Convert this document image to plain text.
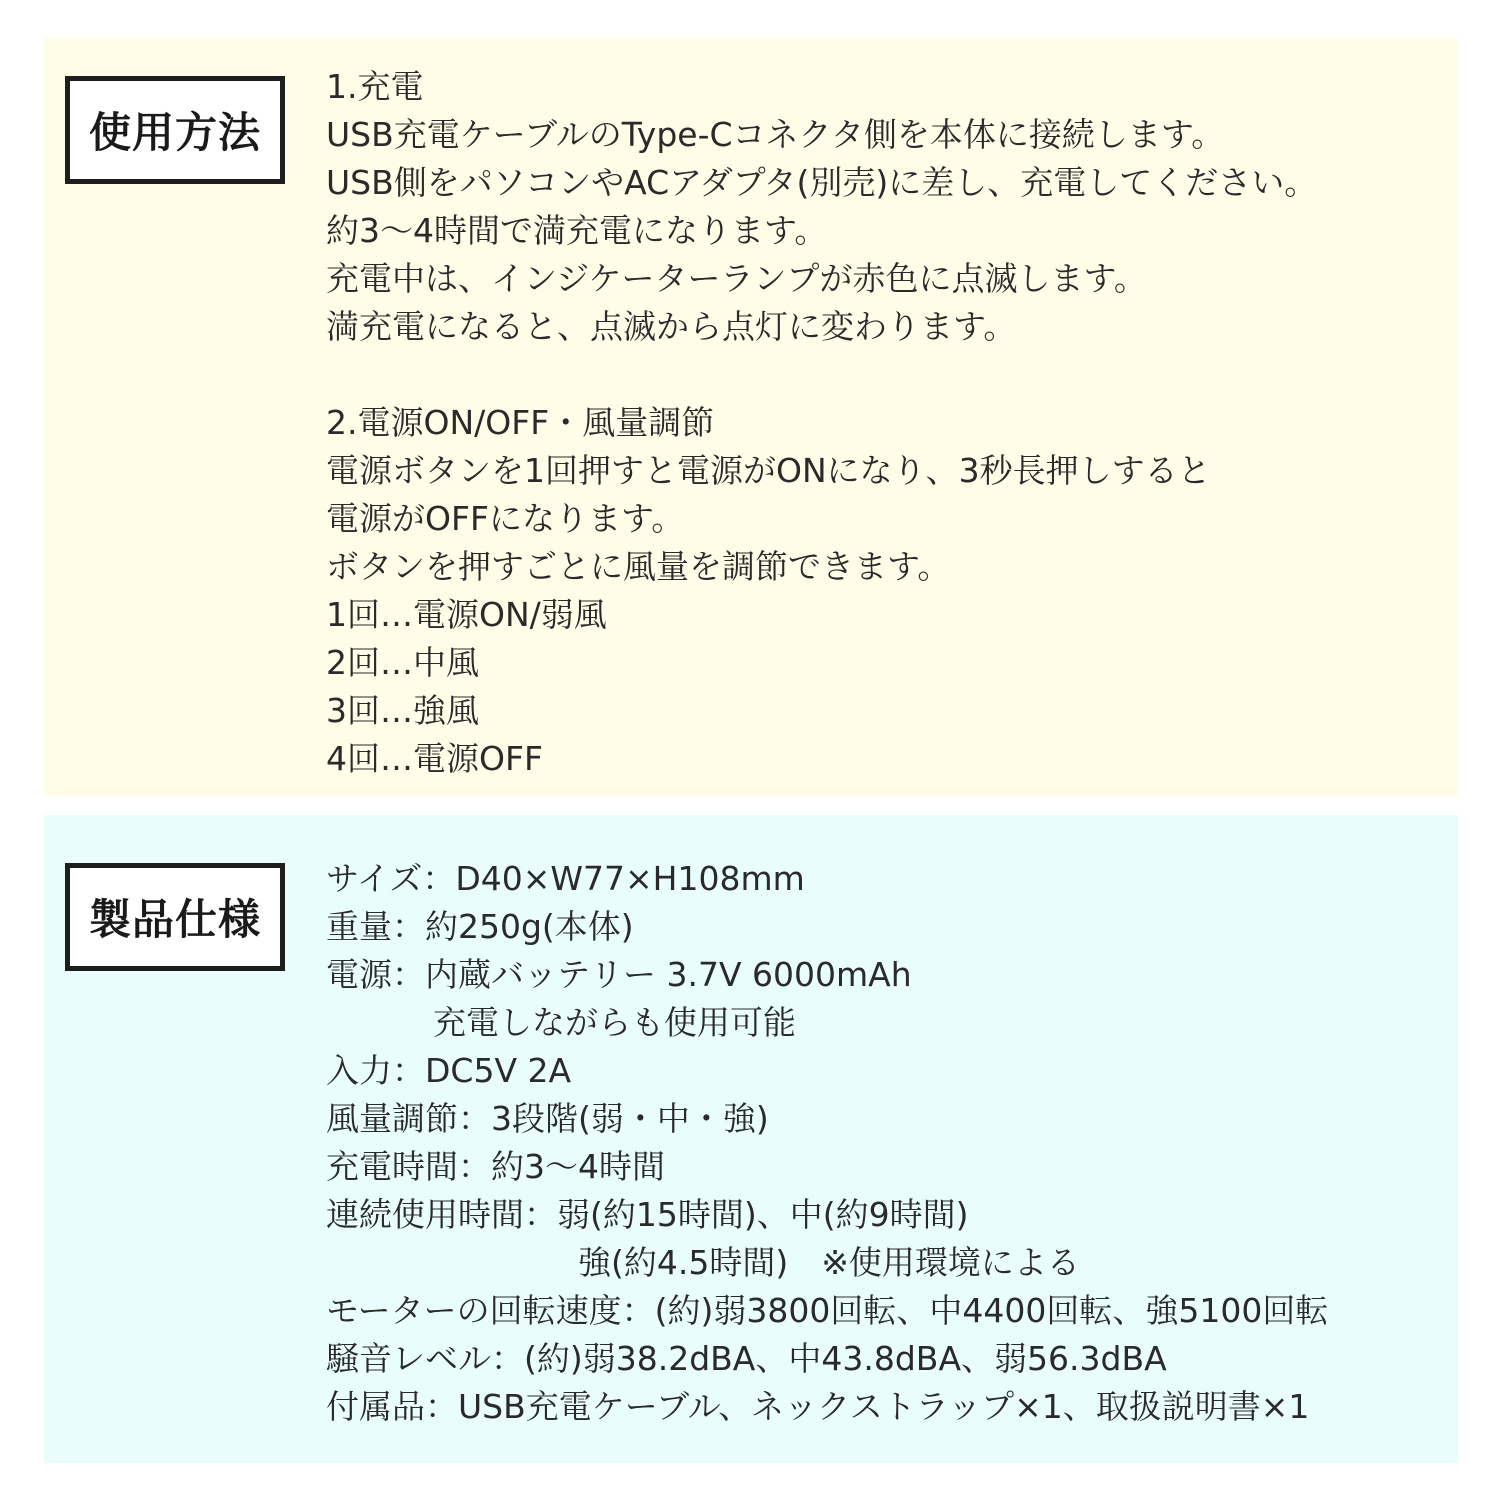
使用方法
1.充電
USB充電ケーブルのType-Cコネクタ側を本体に接続します。
USB側をパソコンやACアダプタ(別売)に差し、充電してください。
約3～4時間で満充電になります。
充電中は、インジケーターランプが赤色に点滅します。
満充電になると、点滅から点灯に変わります。
2.電源ON/OFF・風量調節
電源ボタンを1回押すと電源がONになり、3秒長押しすると
電源がOFFになります。
ボタンを押すごとに風量を調節できます。
1回…電源ON/弱風
2回…中風
3回…強風
4回…電源OFF
製品仕様
サイズ：D40×W77×H108mm
重量：約250g(本体)
電源：内蔵バッテリー 3.7V 6000mAh
充電しながらも使用可能
入力：DC5V 2A
風量調節：3段階(弱・中・強)
充電時間：約3～4時間
連続使用時間：弱(約15時間)、中(約9時間)
強(約4.5時間)　※使用環境による
モーターの回転速度：(約)弱3800回転、中4400回転、強5100回転
騒音レベル：(約)弱38.2dBA、中43.8dBA、弱56.3dBA
付属品：USB充電ケーブル、ネックストラップ×1、取扱説明書×1
